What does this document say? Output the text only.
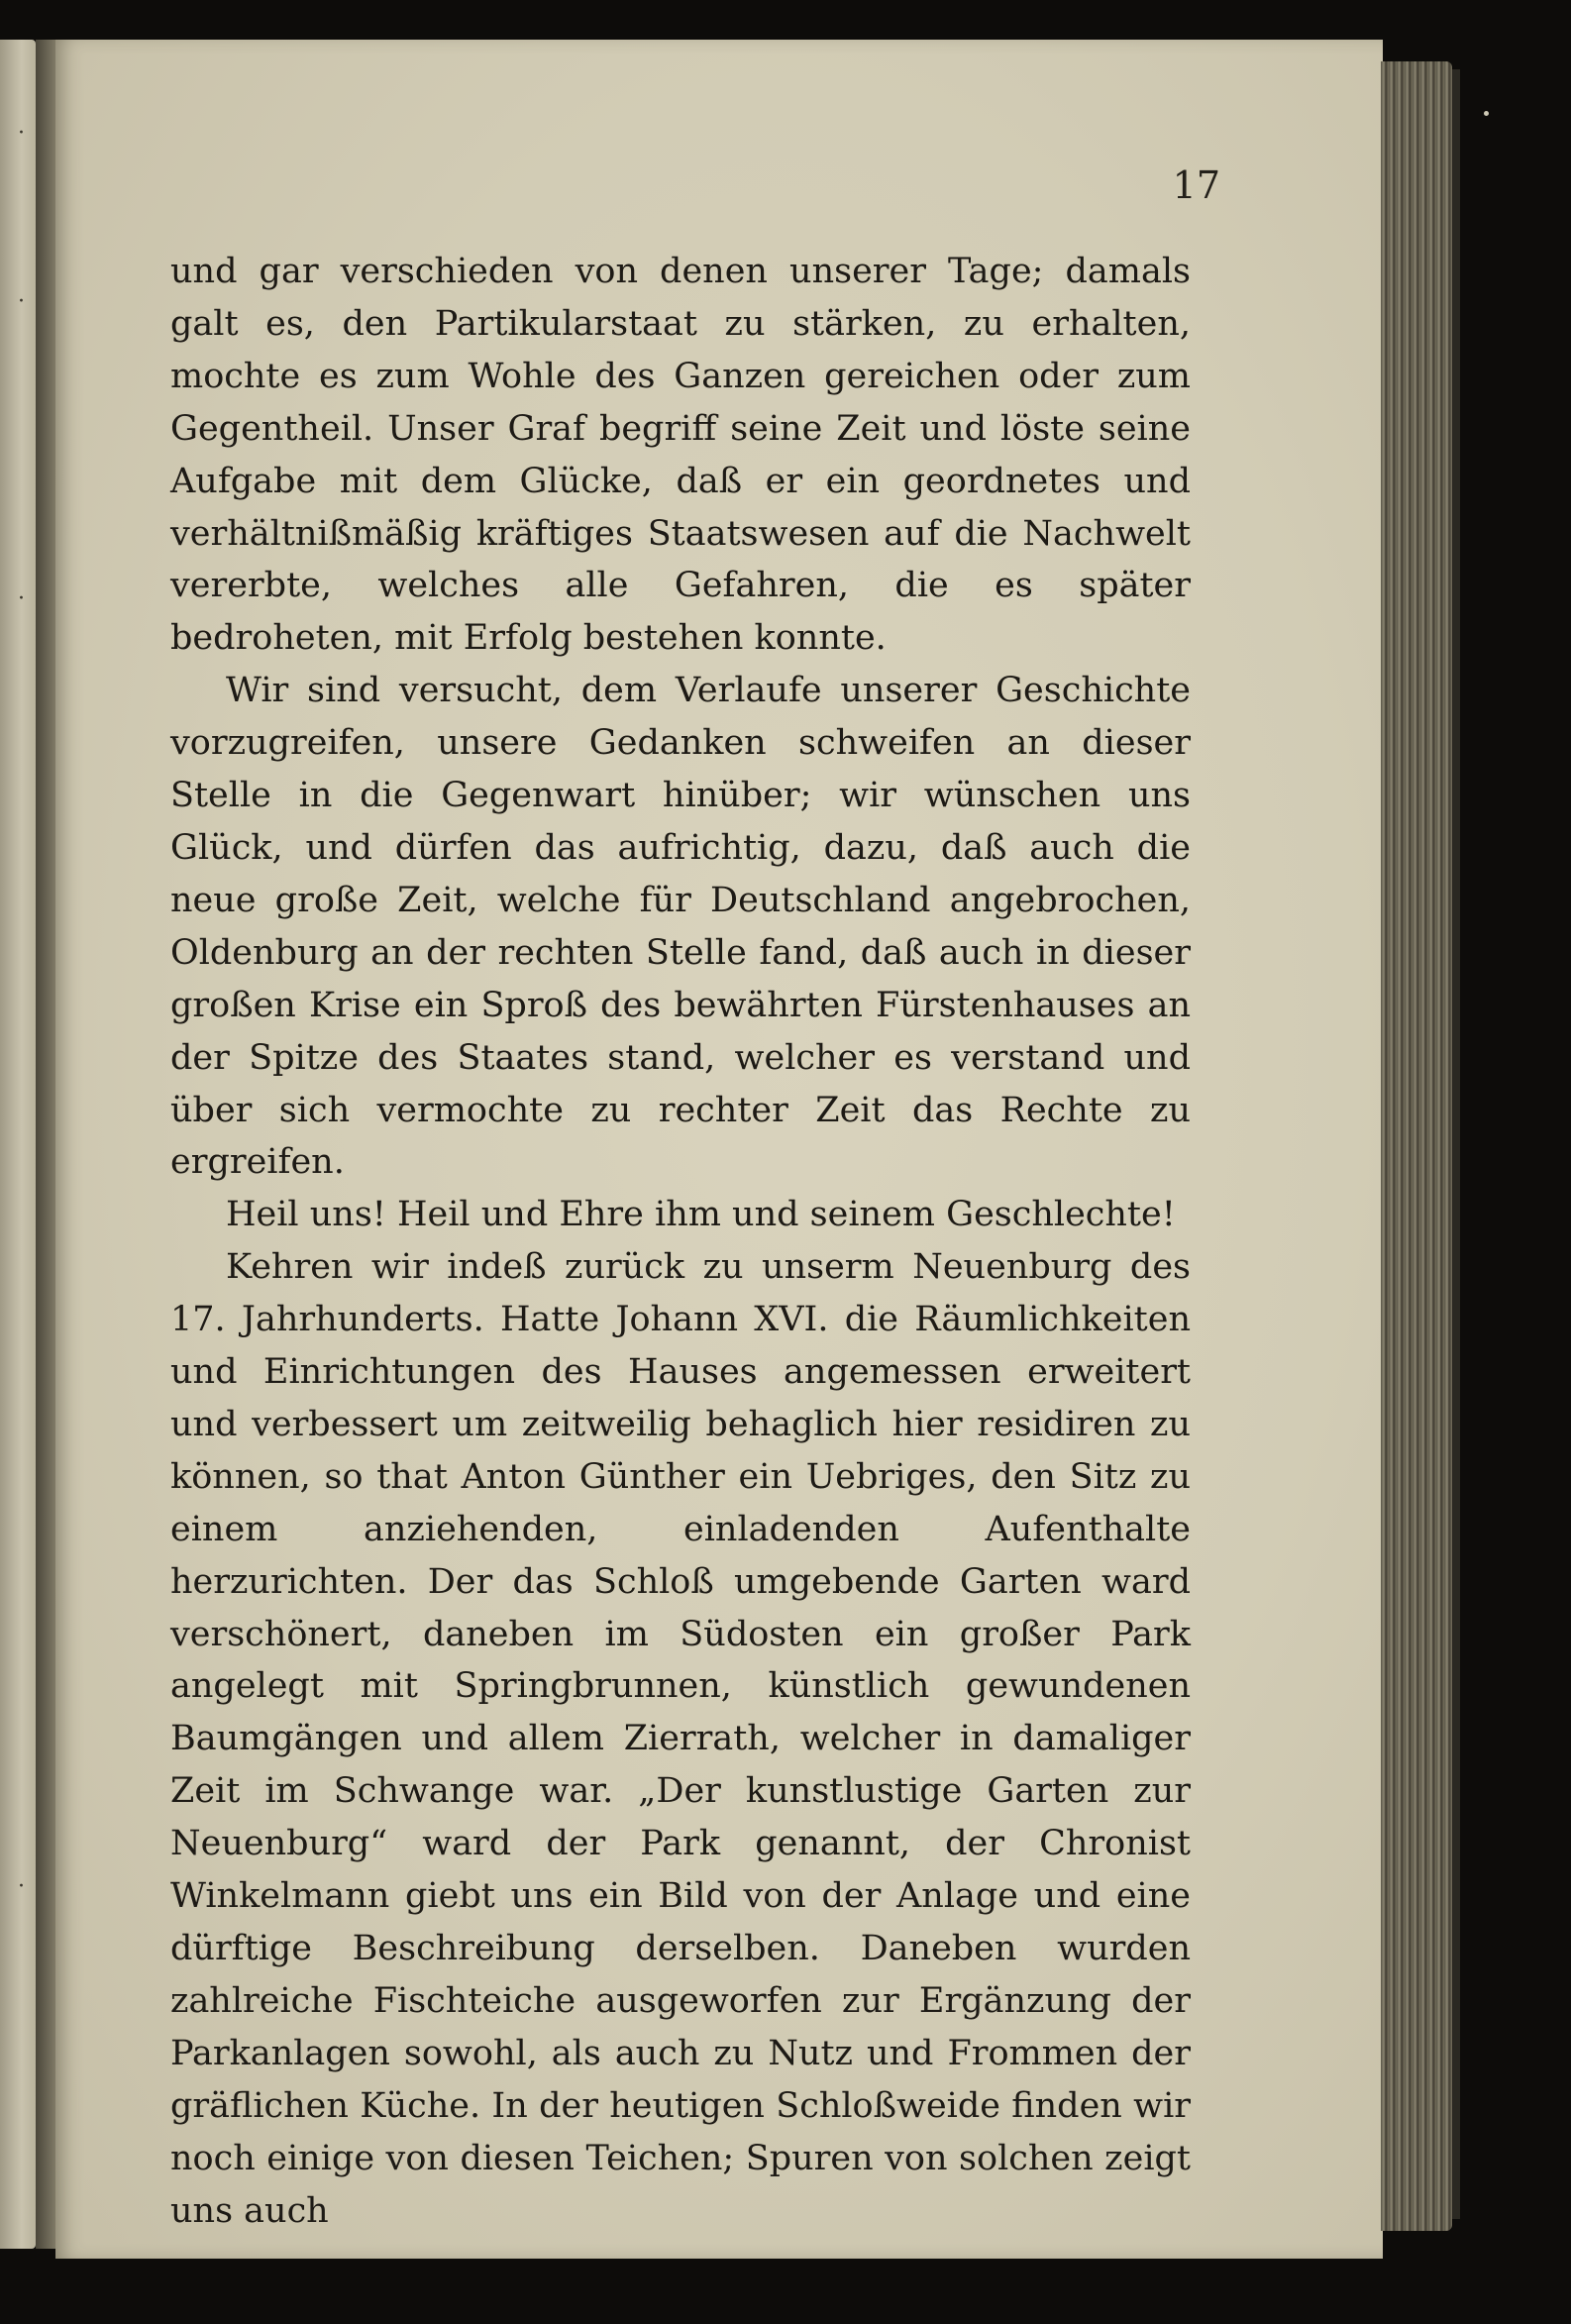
·
·
·
·
17

und gar verschieden von denen unserer Tage; damals galt es, den Partikularstaat zu stärken, zu erhalten, mochte es zum Wohle des Ganzen gereichen oder zum Gegentheil. Unser Graf begriff seine Zeit und löste seine Aufgabe mit dem Glücke, daß er ein geordnetes und verhältnißmäßig kräftiges Staatswesen auf die Nachwelt vererbte, welches alle Gefahren, die es später bedroheten, mit Erfolg bestehen konnte.

Wir sind versucht, dem Verlaufe unserer Geschichte vorzugreifen, unsere Gedanken schweifen an dieser Stelle in die Gegenwart hinüber; wir wünschen uns Glück, und dürfen das aufrichtig, dazu, daß auch die neue große Zeit, welche für Deutschland angebrochen, Oldenburg an der rechten Stelle fand, daß auch in dieser großen Krise ein Sproß des bewährten Fürstenhauses an der Spitze des Staates stand, welcher es verstand und über sich vermochte zu rechter Zeit das Rechte zu ergreifen.

Heil uns! Heil und Ehre ihm und seinem Geschlechte!

Kehren wir indeß zurück zu unserm Neuenburg des 17. Jahrhunderts. Hatte Johann XVI. die Räumlichkeiten und Einrichtungen des Hauses angemessen erweitert und verbessert um zeitweilig behaglich hier residiren zu können, so that Anton Günther ein Uebriges, den Sitz zu einem anziehenden, einladenden Aufenthalte herzurichten. Der das Schloß umgebende Garten ward verschönert, daneben im Südosten ein großer Park angelegt mit Springbrunnen, künstlich gewundenen Baumgängen und allem Zierrath, welcher in damaliger Zeit im Schwange war. „Der kunstlustige Garten zur Neuenburg“ ward der Park genannt, der Chronist Winkelmann giebt uns ein Bild von der Anlage und eine dürftige Beschreibung derselben. Daneben wurden zahlreiche Fischteiche ausgeworfen zur Ergänzung der Parkanlagen sowohl, als auch zu Nutz und Frommen der gräflichen Küche. In der heutigen Schloßweide finden wir noch einige von diesen Teichen; Spuren von solchen zeigt uns auch
